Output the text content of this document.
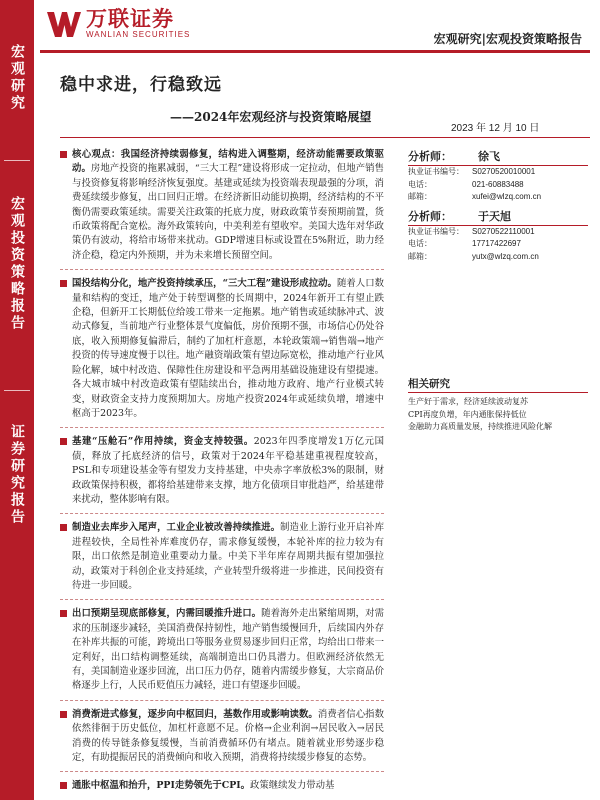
宏观研究
宏观投资策略报告
证券研究报告
万联证券
WANLIAN SECURITIES	宏观研究|宏观投资策略报告
稳中求进，行稳致远
——2024年宏观经济与投资策略展望
2023 年 12 月 10 日
核心观点：我国经济持续弱修复，结构进入调整期，经济动能需要政策驱动。房地产投资的拖累减弱，“三大工程”建设将形成一定拉动，但地产销售与投资修复将影响经济恢复强度。基建或延续为投资端表现最强的分项，消费延续缓步修复，出口回归正增。在经济新旧动能切换期，经济结构的不平衡仍需要政策延续。需要关注政策的托底力度，财政政策节奏预期前置，货币政策将配合宽松。海外政策转向，中美利差有望收窄。美国大选年对华政策仍有波动，将给市场带来扰动。GDP增速目标或设置在5%附近，助力经济企稳，稳定内外预期，并为未来增长预留空间。
国投结构分化，地产投资持续承压，“三大工程”建设形成拉动。随着人口数量和结构的变迁，地产处于转型调整的长周期中，2024年新开工有望止跌企稳，但新开工长期低位给竣工带来一定拖累。地产销售或延续脉冲式、波动式修复，当前地产行业整体景气度偏低，房价预期不强，市场信心仍处谷底，收入预期修复偏滞后，制约了加杠杆意愿，本轮政策端→销售端→地产投资的传导速度慢于以往。地产融资端政策有望边际宽松，推动地产行业风险化解，城中村改造、保障性住房建设和平急两用基础设施建设有望提速。各大城市城中村改造政策有望陆续出台，推动地方政府、地产行业模式转变，财政资金支持力度预期加大。房地产投资2024年或延续负增，增速中枢高于2023年。
基建“压舱石”作用持续，资金支持较强。2023年四季度增发1万亿元国债，释放了托底经济的信号，政策对于2024年平稳基建重视程度较高，PSL和专项建设基金等有望发力支持基建，中央赤字率放松3%的限制，财政政策保持积极，都将给基建带来支撑，地方化债项目审批趋严，给基建带来扰动，整体影响有限。
制造业去库步入尾声，工业企业被改善持续推进。制造业上游行业开启补库进程较快，全局性补库难度仍存，需求修复缓慢，本轮补库的拉力较为有限，出口依然是制造业重要动力量。中美下半年库存周期共振有望加强拉动，政策对于科创企业支持延续，产业转型升级将进一步推进，民间投资有待进一步回暖。
出口预期呈现底部修复，内需回暖推升进口。随着海外走出紧缩周期，对需求的压制逐步减轻，美国消费保持韧性，地产销售缓慢回升，后续国内外存在补库共振的可能，跨境出口等服务业贸易逐步回归正常，均给出口带来一定利好，出口结构调整延续，高端制造出口仍具潜力。但欧洲经济依然无有，美国制造业逐步回流，出口压力仍存，随着内需缓步修复，大宗商品价格逐步上行，人民币贬值压力减轻，进口有望逐步回暖。
消费渐进式修复，逐步向中枢回归，基数作用或影响读数。消费者信心指数依然徘徊于历史低位，加杠杆意愿不足。价格→企业利润→居民收入→居民消费的传导链条修复缓慢，当前消费循环仍有堵点。随着就业形势逐步稳定，有助提振居民的消费倾向和收入预期，消费将持续缓步修复的态势。
通胀中枢温和抬升，PPI走势领先于CPI。政策继续发力带动基
分析师：	徐飞
执业证书编号：	S0270520010001
电话：	021-60883488
邮箱：	xufei@wlzq.com.cn
分析师：	于天旭
执业证书编号：	S0270522110001
电话：	17717422697
邮箱：	yutx@wlzq.com.cn
相关研究
生产好于需求，经济延续波动复苏
CPI再度负增，年内通胀保持低位
金融助力高质量发展，持续推进风险化解
